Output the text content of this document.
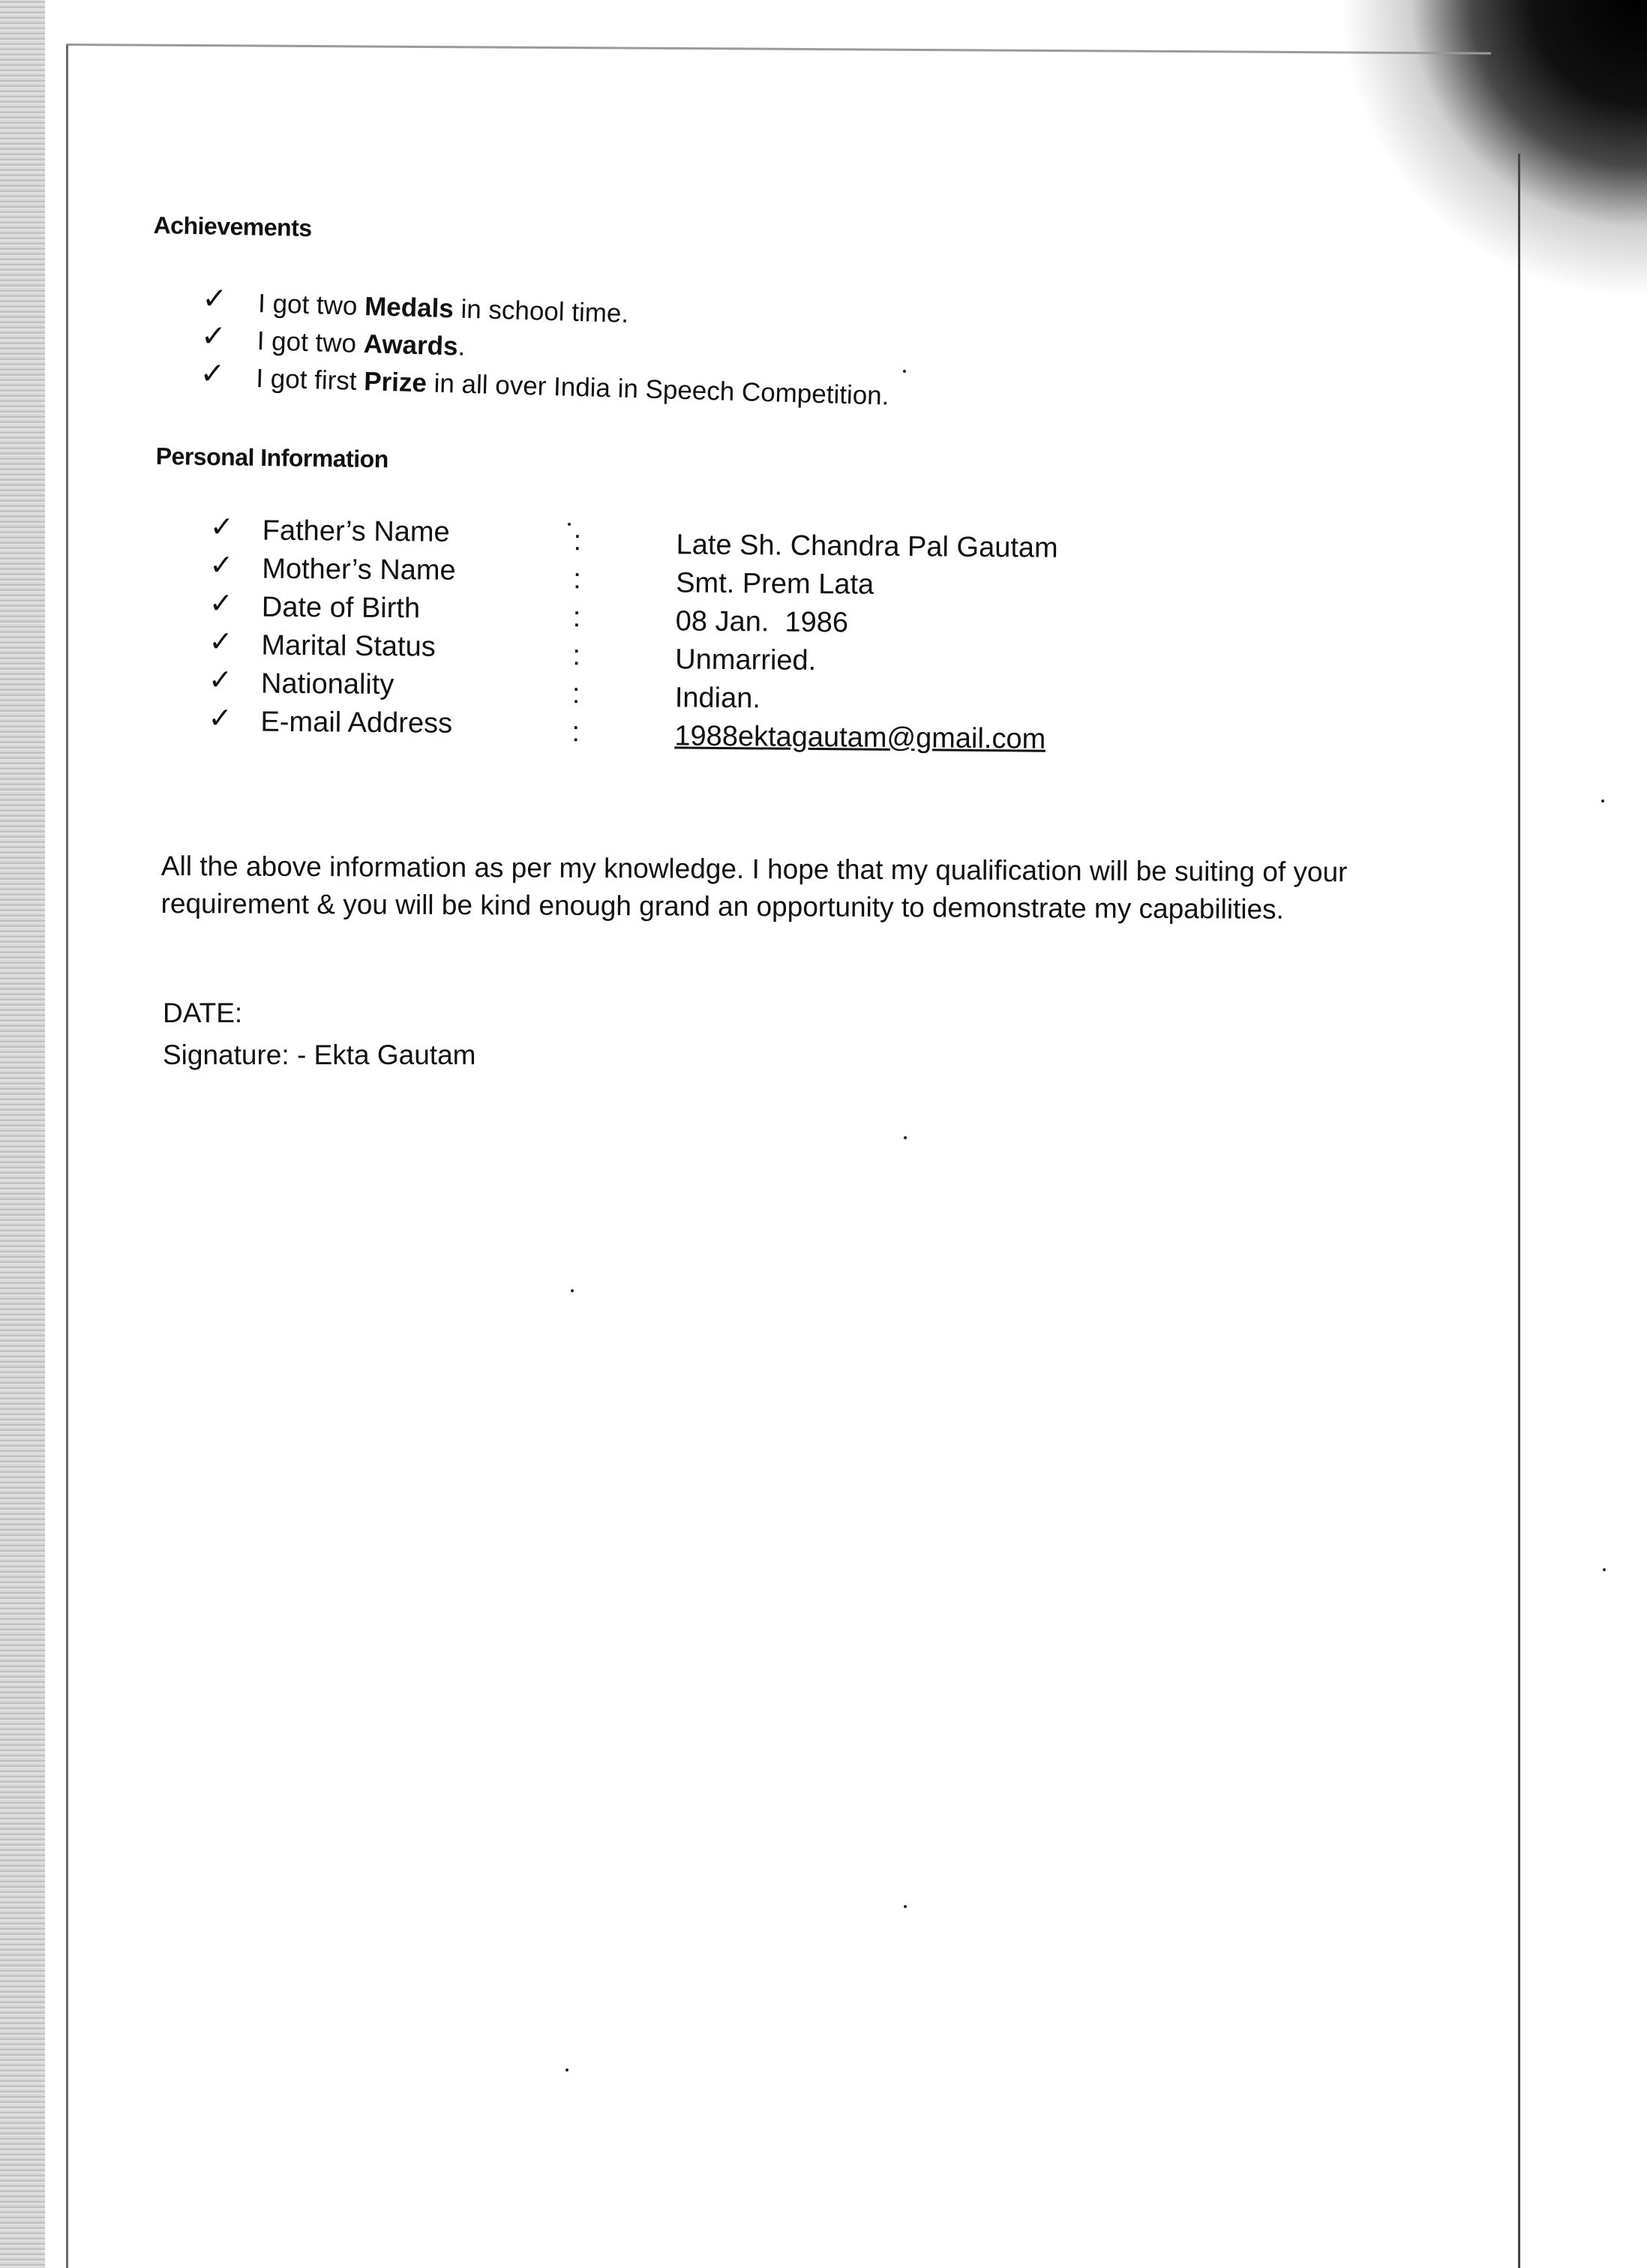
Achievements
✓ I got two Medals in school time.
✓ I got two Awards.
✓ I got first Prize in all over India in Speech Competition.
Personal Information
✓ Father’s Name	:	Late Sh. Chandra Pal Gautam
✓ Mother’s Name	:	Smt. Prem Lata
✓ Date of Birth	:	08 Jan.  1986
✓ Marital Status	:	Unmarried.
✓ Nationality	:	Indian.
✓ E-mail Address	:	1988ektagautam@gmail.com
All the above information as per my knowledge. I hope that my qualification will be suiting of your requirement & you will be kind enough grand an opportunity to demonstrate my capabilities.
DATE:
Signature: - Ekta Gautam
